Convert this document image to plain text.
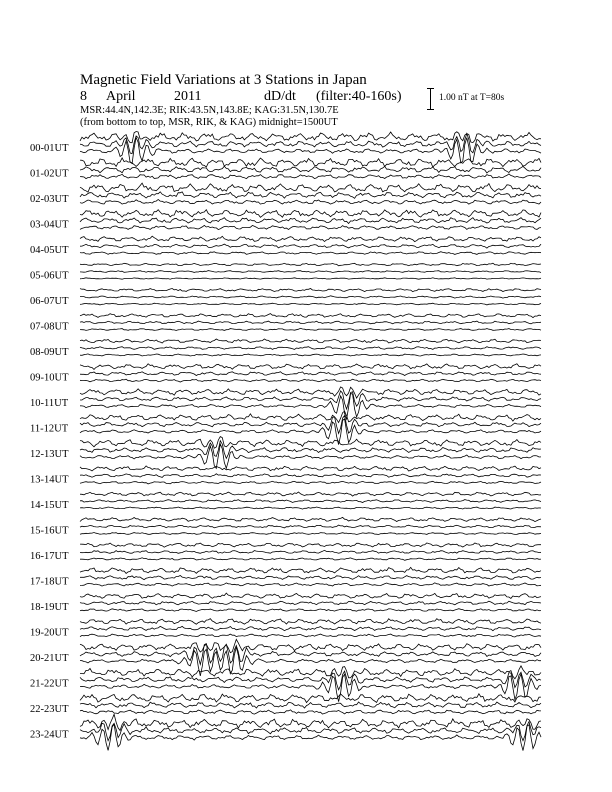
Magnetic Field Variations at 3 Stations in Japan
8 April	2011	dD/dt (filter:40-160s)
MSR:44.4N,142.3E; RIK:43.5N,143.8E; KAG:31.5N,130.7E
(from bottom to top, MSR, RIK, & KAG) midnight=1500UT
1.00 nT at T=80s
00-01UT
01-02UT
02-03UT
03-04UT
04-05UT
05-06UT
06-07UT
07-08UT
08-09UT
09-10UT
10-11UT
11-12UT
12-13UT
13-14UT
14-15UT
15-16UT
16-17UT
17-18UT
18-19UT
19-20UT
20-21UT
21-22UT
22-23UT
23-24UT
